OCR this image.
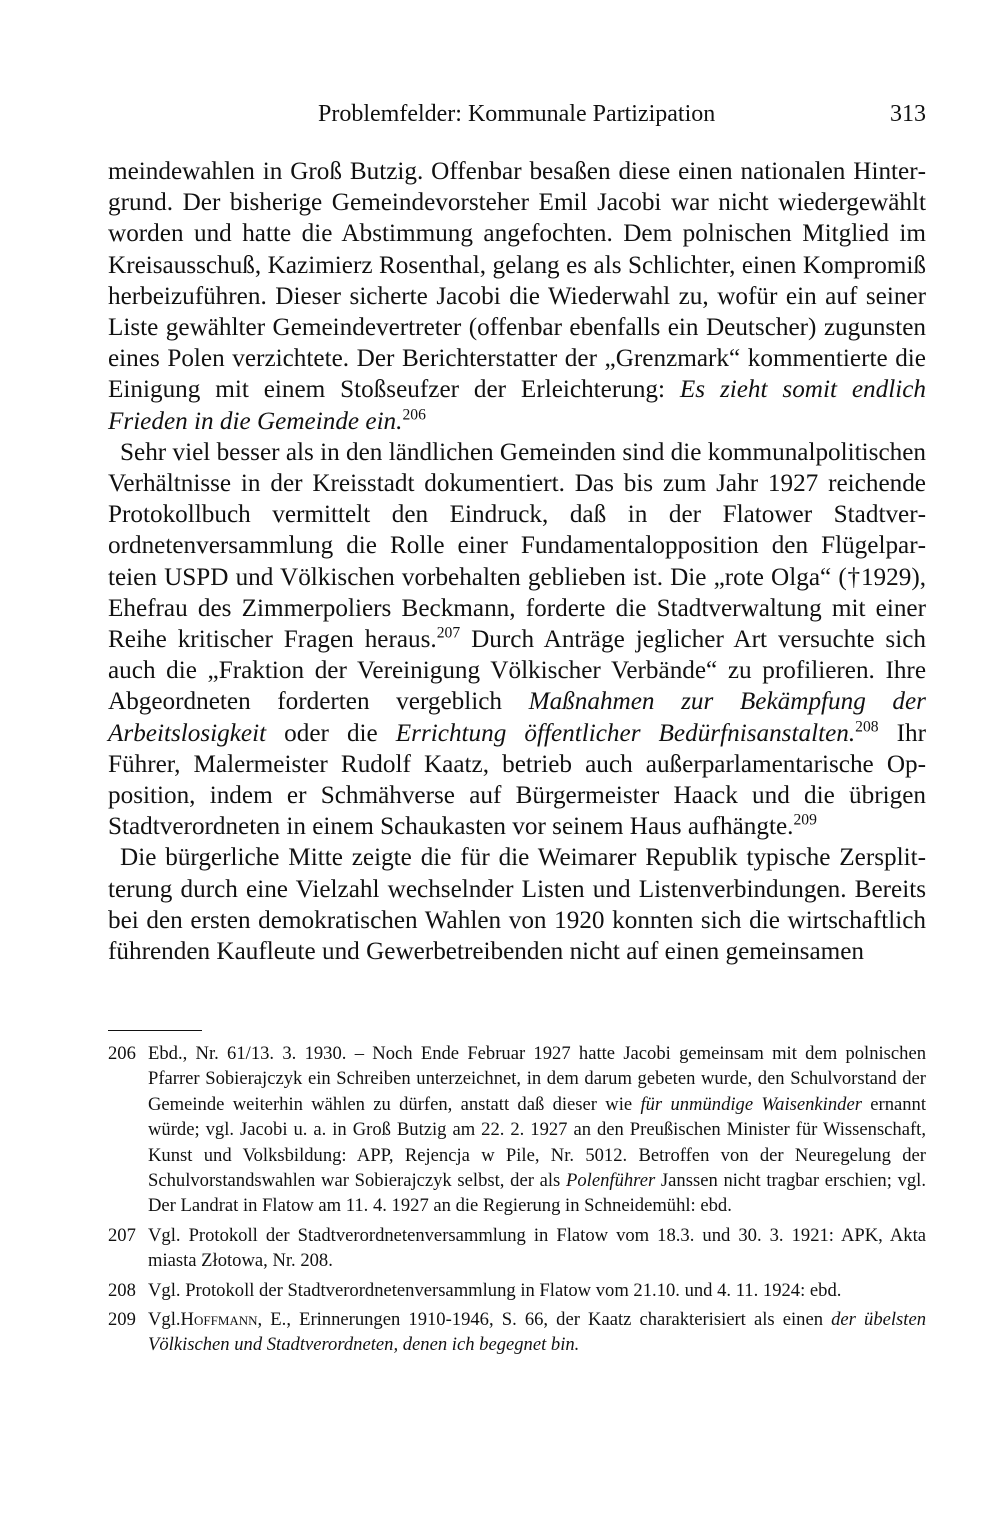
Problemfelder: Kommunale Partizipation	313

meindewahlen in Groß Butzig. Offenbar besaßen diese einen nationalen Hintergrund. Der bisherige Gemeindevorsteher Emil Jacobi war nicht wiedergewählt worden und hatte die Abstimmung angefochten. Dem polnischen Mitglied im Kreisausschuß, Kazimierz Rosenthal, gelang es als Schlichter, einen Kompromiß herbeizuführen. Dieser sicherte Jacobi die Wiederwahl zu, wofür ein auf seiner Liste gewählter Gemeindevertreter (offenbar ebenfalls ein Deutscher) zugunsten eines Polen verzichtete. Der Berichterstatter der „Grenzmark“ kommentierte die Einigung mit einem Stoßseufzer der Erleichterung: Es zieht somit endlich Frieden in die Gemeinde ein.$^{206}$

Sehr viel besser als in den ländlichen Gemeinden sind die kommunalpolitischen Verhältnisse in der Kreisstadt dokumentiert. Das bis zum Jahr 1927 reichende Protokollbuch vermittelt den Eindruck, daß in der Flatower Stadtverordnetenversammlung die Rolle einer Fundamentalopposition den Flügelparteien USPD und Völkischen vorbehalten geblieben ist. Die „rote Olga“ (†1929), Ehefrau des Zimmerpoliers Beckmann, forderte die Stadtverwaltung mit einer Reihe kritischer Fragen heraus.$^{207}$ Durch Anträge jeglicher Art versuchte sich auch die „Fraktion der Vereinigung Völkischer Verbände“ zu profilieren. Ihre Abgeordneten forderten vergeblich Maßnahmen zur Bekämpfung der Arbeitslosigkeit oder die Errichtung öffentlicher Bedürfnisanstalten.$^{208}$ Ihr Führer, Malermeister Rudolf Kaatz, betrieb auch außerparlamentarische Opposition, indem er Schmähverse auf Bürgermeister Haack und die übrigen Stadtverordneten in einem Schaukasten vor seinem Haus aufhängte.$^{209}$

Die bürgerliche Mitte zeigte die für die Weimarer Republik typische Zersplitterung durch eine Vielzahl wechselnder Listen und Listenverbindungen. Bereits bei den ersten demokratischen Wahlen von 1920 konnten sich die wirtschaftlich führenden Kaufleute und Gewerbetreibenden nicht auf einen gemeinsamen

206 Ebd., Nr. 61/13. 3. 1930. – Noch Ende Februar 1927 hatte Jacobi gemeinsam mit dem polnischen Pfarrer Sobierajczyk ein Schreiben unterzeichnet, in dem darum gebeten wurde, den Schulvorstand der Gemeinde weiterhin wählen zu dürfen, anstatt daß dieser wie für unmündige Waisenkinder ernannt würde; vgl. Jacobi u. a. in Groß Butzig am 22. 2. 1927 an den Preußischen Minister für Wissenschaft, Kunst und Volksbildung: APP, Rejencja w Pile, Nr. 5012. Betroffen von der Neuregelung der Schulvorstandswahlen war Sobierajczyk selbst, der als Polenführer Janssen nicht tragbar erschien; vgl. Der Landrat in Flatow am 11. 4. 1927 an die Regierung in Schneidemühl: ebd.

207 Vgl. Protokoll der Stadtverordnetenversammlung in Flatow vom 18.3. und 30. 3. 1921: APK, Akta miasta Złotowa, Nr. 208.

208 Vgl. Protokoll der Stadtverordnetenversammlung in Flatow vom 21.10. und 4. 11. 1924: ebd.

209 Vgl.Hoffmann, E., Erinnerungen 1910-1946, S. 66, der Kaatz charakterisiert als einen der übelsten Völkischen und Stadtverordneten, denen ich begegnet bin.
